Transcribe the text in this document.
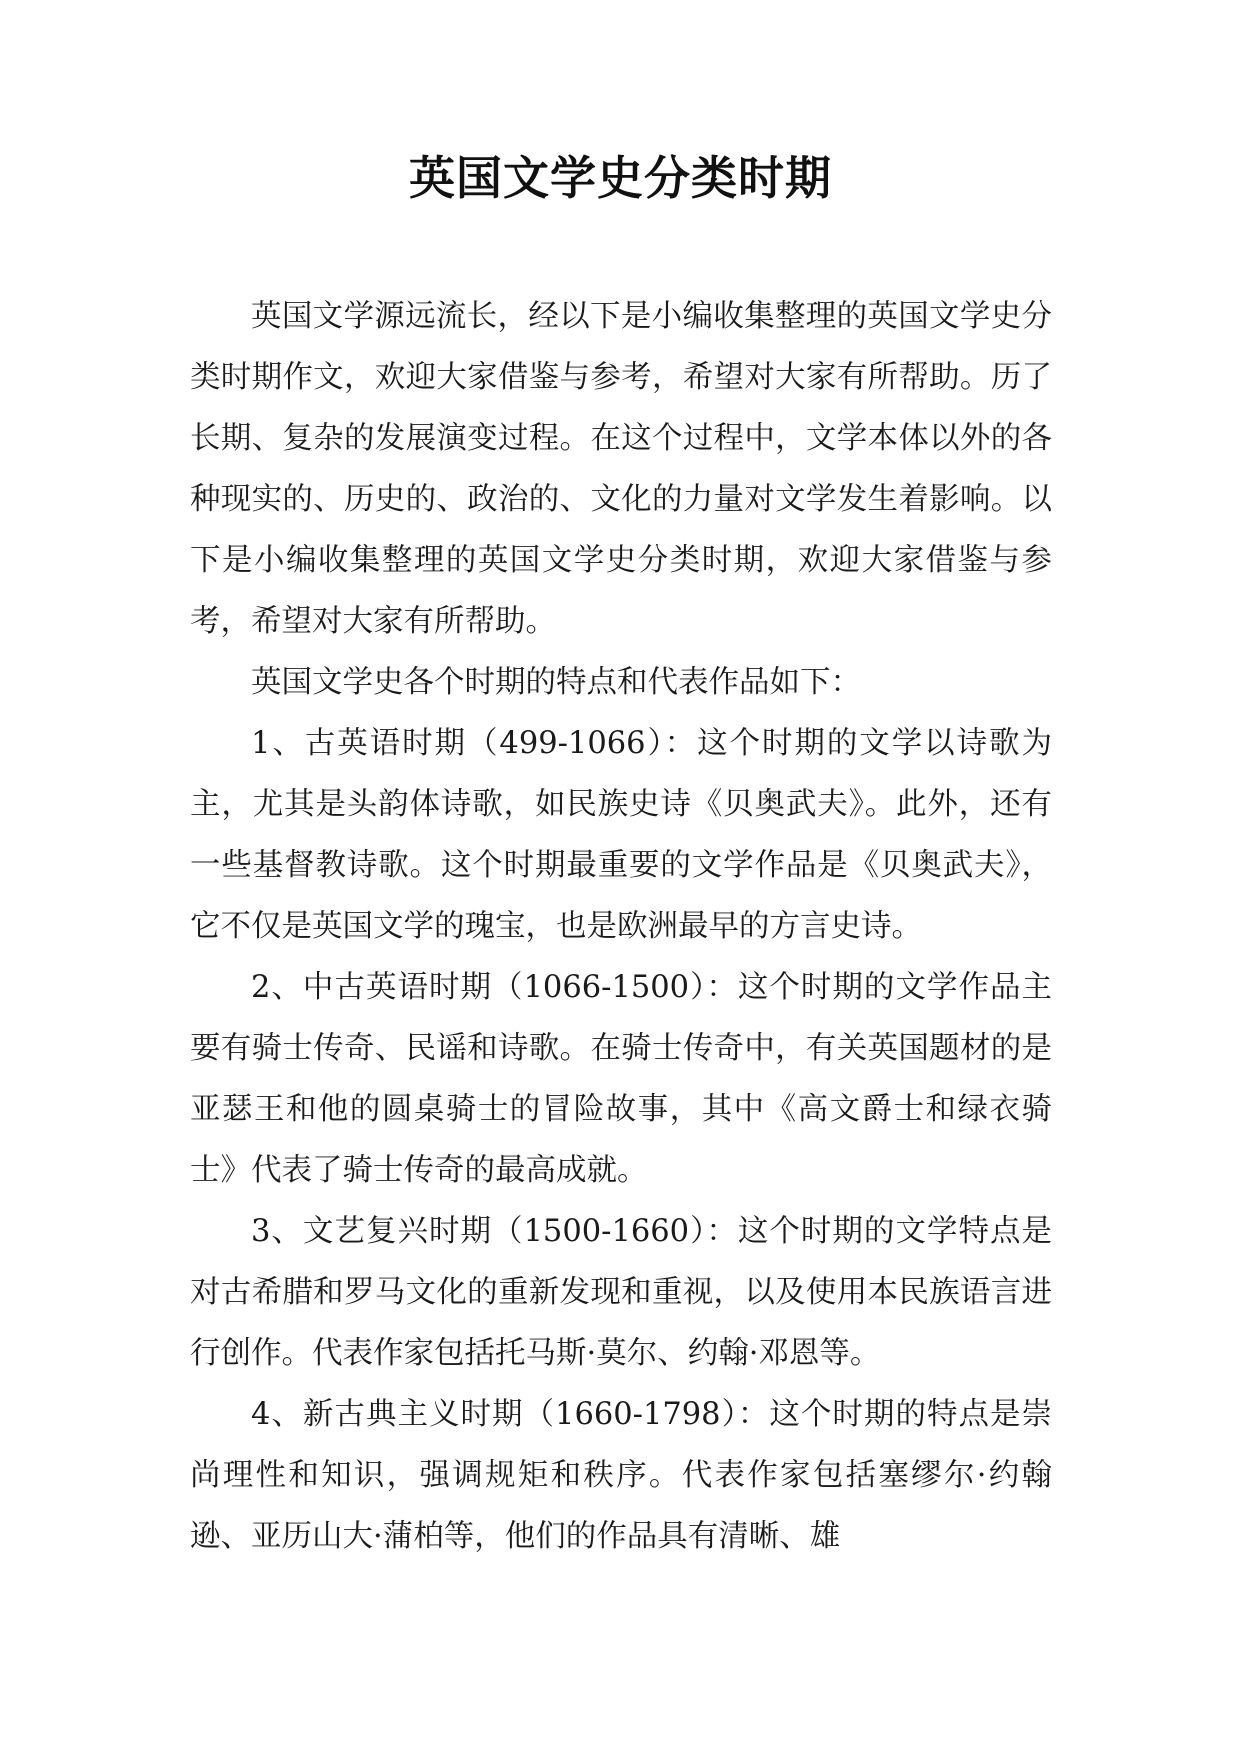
英国文学史分类时期

英国文学源远流长，经以下是小编收集整理的英国文学史分类时期作文，欢迎大家借鉴与参考，希望对大家有所帮助。历了长期、复杂的发展演变过程。在这个过程中，文学本体以外的各种现实的、历史的、政治的、文化的力量对文学发生着影响。以下是小编收集整理的英国文学史分类时期，欢迎大家借鉴与参考，希望对大家有所帮助。

英国文学史各个时期的特点和代表作品如下：

1、古英语时期（499-1066）：这个时期的文学以诗歌为主，尤其是头韵体诗歌，如民族史诗《贝奥武夫》。此外，还有一些基督教诗歌。这个时期最重要的文学作品是《贝奥武夫》，它不仅是英国文学的瑰宝，也是欧洲最早的方言史诗。

2、中古英语时期（1066-1500）：这个时期的文学作品主要有骑士传奇、民谣和诗歌。在骑士传奇中，有关英国题材的是亚瑟王和他的圆桌骑士的冒险故事，其中《高文爵士和绿衣骑士》代表了骑士传奇的最高成就。

3、文艺复兴时期（1500-1660）：这个时期的文学特点是对古希腊和罗马文化的重新发现和重视，以及使用本民族语言进行创作。代表作家包括托马斯·莫尔、约翰·邓恩等。

4、新古典主义时期（1660-1798）：这个时期的特点是崇尚理性和知识，强调规矩和秩序。代表作家包括塞缪尔·约翰逊、亚历山大·蒲柏等，他们的作品具有清晰、雄
